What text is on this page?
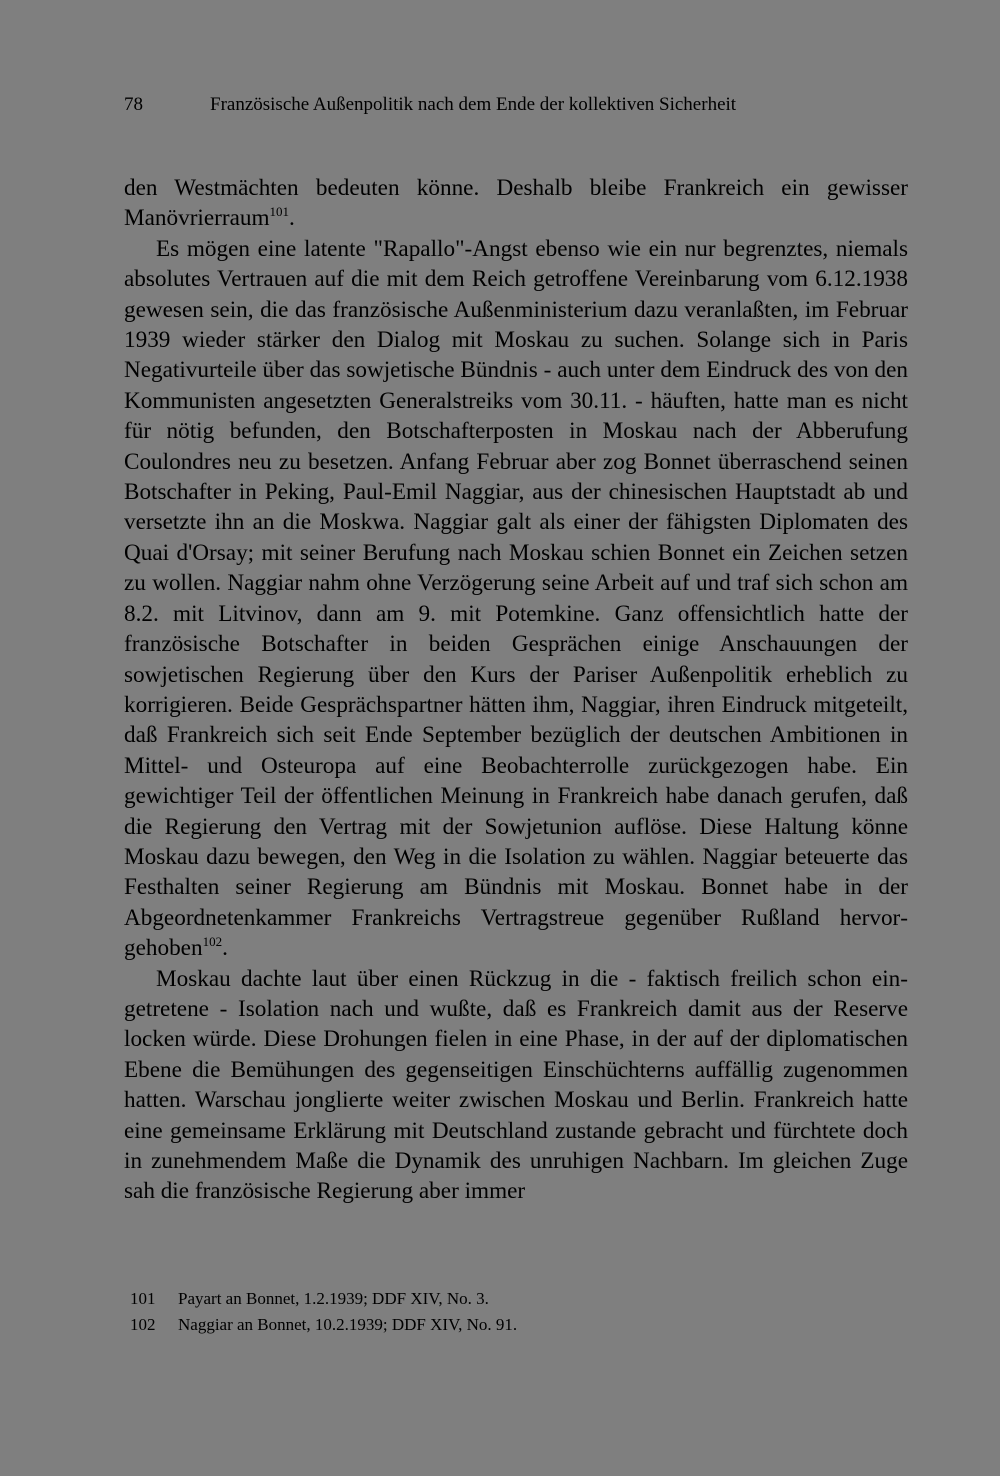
78	Französische Außenpolitik nach dem Ende der kollektiven Sicherheit

den Westmächten bedeuten könne. Deshalb bleibe Frankreich ein gewisser Manövrierraum$^{101}$.

Es mögen eine latente "Rapallo"-Angst ebenso wie ein nur begrenztes, niemals absolutes Vertrauen auf die mit dem Reich getroffene Vereinbarung vom 6.12.1938 gewesen sein, die das französische Außenministerium dazu veranlaßten, im Februar 1939 wieder stärker den Dialog mit Moskau zu suchen. Solange sich in Paris Negativurteile über das sowjetische Bündnis - auch unter dem Eindruck des von den Kommunisten angesetzten Generalstreiks vom 30.11. - häuften, hatte man es nicht für nötig befunden, den Botschafterposten in Moskau nach der Abberufung Coulondres neu zu besetzen. Anfang Februar aber zog Bonnet überraschend seinen Botschafter in Peking, Paul-Emil Naggiar, aus der chinesischen Hauptstadt ab und versetzte ihn an die Moskwa. Naggiar galt als einer der fähigsten Diplomaten des Quai d'Orsay; mit seiner Berufung nach Moskau schien Bonnet ein Zeichen setzen zu wollen. Naggiar nahm ohne Verzögerung seine Arbeit auf und traf sich schon am 8.2. mit Litvinov, dann am 9. mit Potemkine. Ganz offensichtlich hatte der französische Botschafter in beiden Gesprächen einige Anschauungen der sowjetischen Regierung über den Kurs der Pariser Außenpolitik erheblich zu korrigieren. Beide Gesprächspartner hätten ihm, Naggiar, ihren Eindruck mitgeteilt, daß Frankreich sich seit Ende September bezüglich der deutschen Ambitionen in Mittel- und Osteuropa auf eine Beobachterrolle zurückgezogen habe. Ein gewichtiger Teil der öffentlichen Meinung in Frankreich habe danach gerufen, daß die Regierung den Vertrag mit der Sowjetunion auflöse. Diese Haltung könne Moskau dazu bewegen, den Weg in die Isolation zu wählen. Naggiar beteuerte das Festhalten seiner Regierung am Bündnis mit Moskau. Bonnet habe in der Abgeordnetenkammer Frankreichs Vertragstreue gegenüber Rußland hervorgehoben$^{102}$.

Moskau dachte laut über einen Rückzug in die - faktisch freilich schon eingetretene - Isolation nach und wußte, daß es Frankreich damit aus der Reserve locken würde. Diese Drohungen fielen in eine Phase, in der auf der diplomatischen Ebene die Bemühungen des gegenseitigen Einschüchterns auffällig zugenommen hatten. Warschau jonglierte weiter zwischen Moskau und Berlin. Frankreich hatte eine gemeinsame Erklärung mit Deutschland zustande gebracht und fürchtete doch in zunehmendem Maße die Dynamik des unruhigen Nachbarn. Im gleichen Zuge sah die französische Regierung aber immer

101 Payart an Bonnet, 1.2.1939; DDF XIV, No. 3.
102 Naggiar an Bonnet, 10.2.1939; DDF XIV, No. 91.
